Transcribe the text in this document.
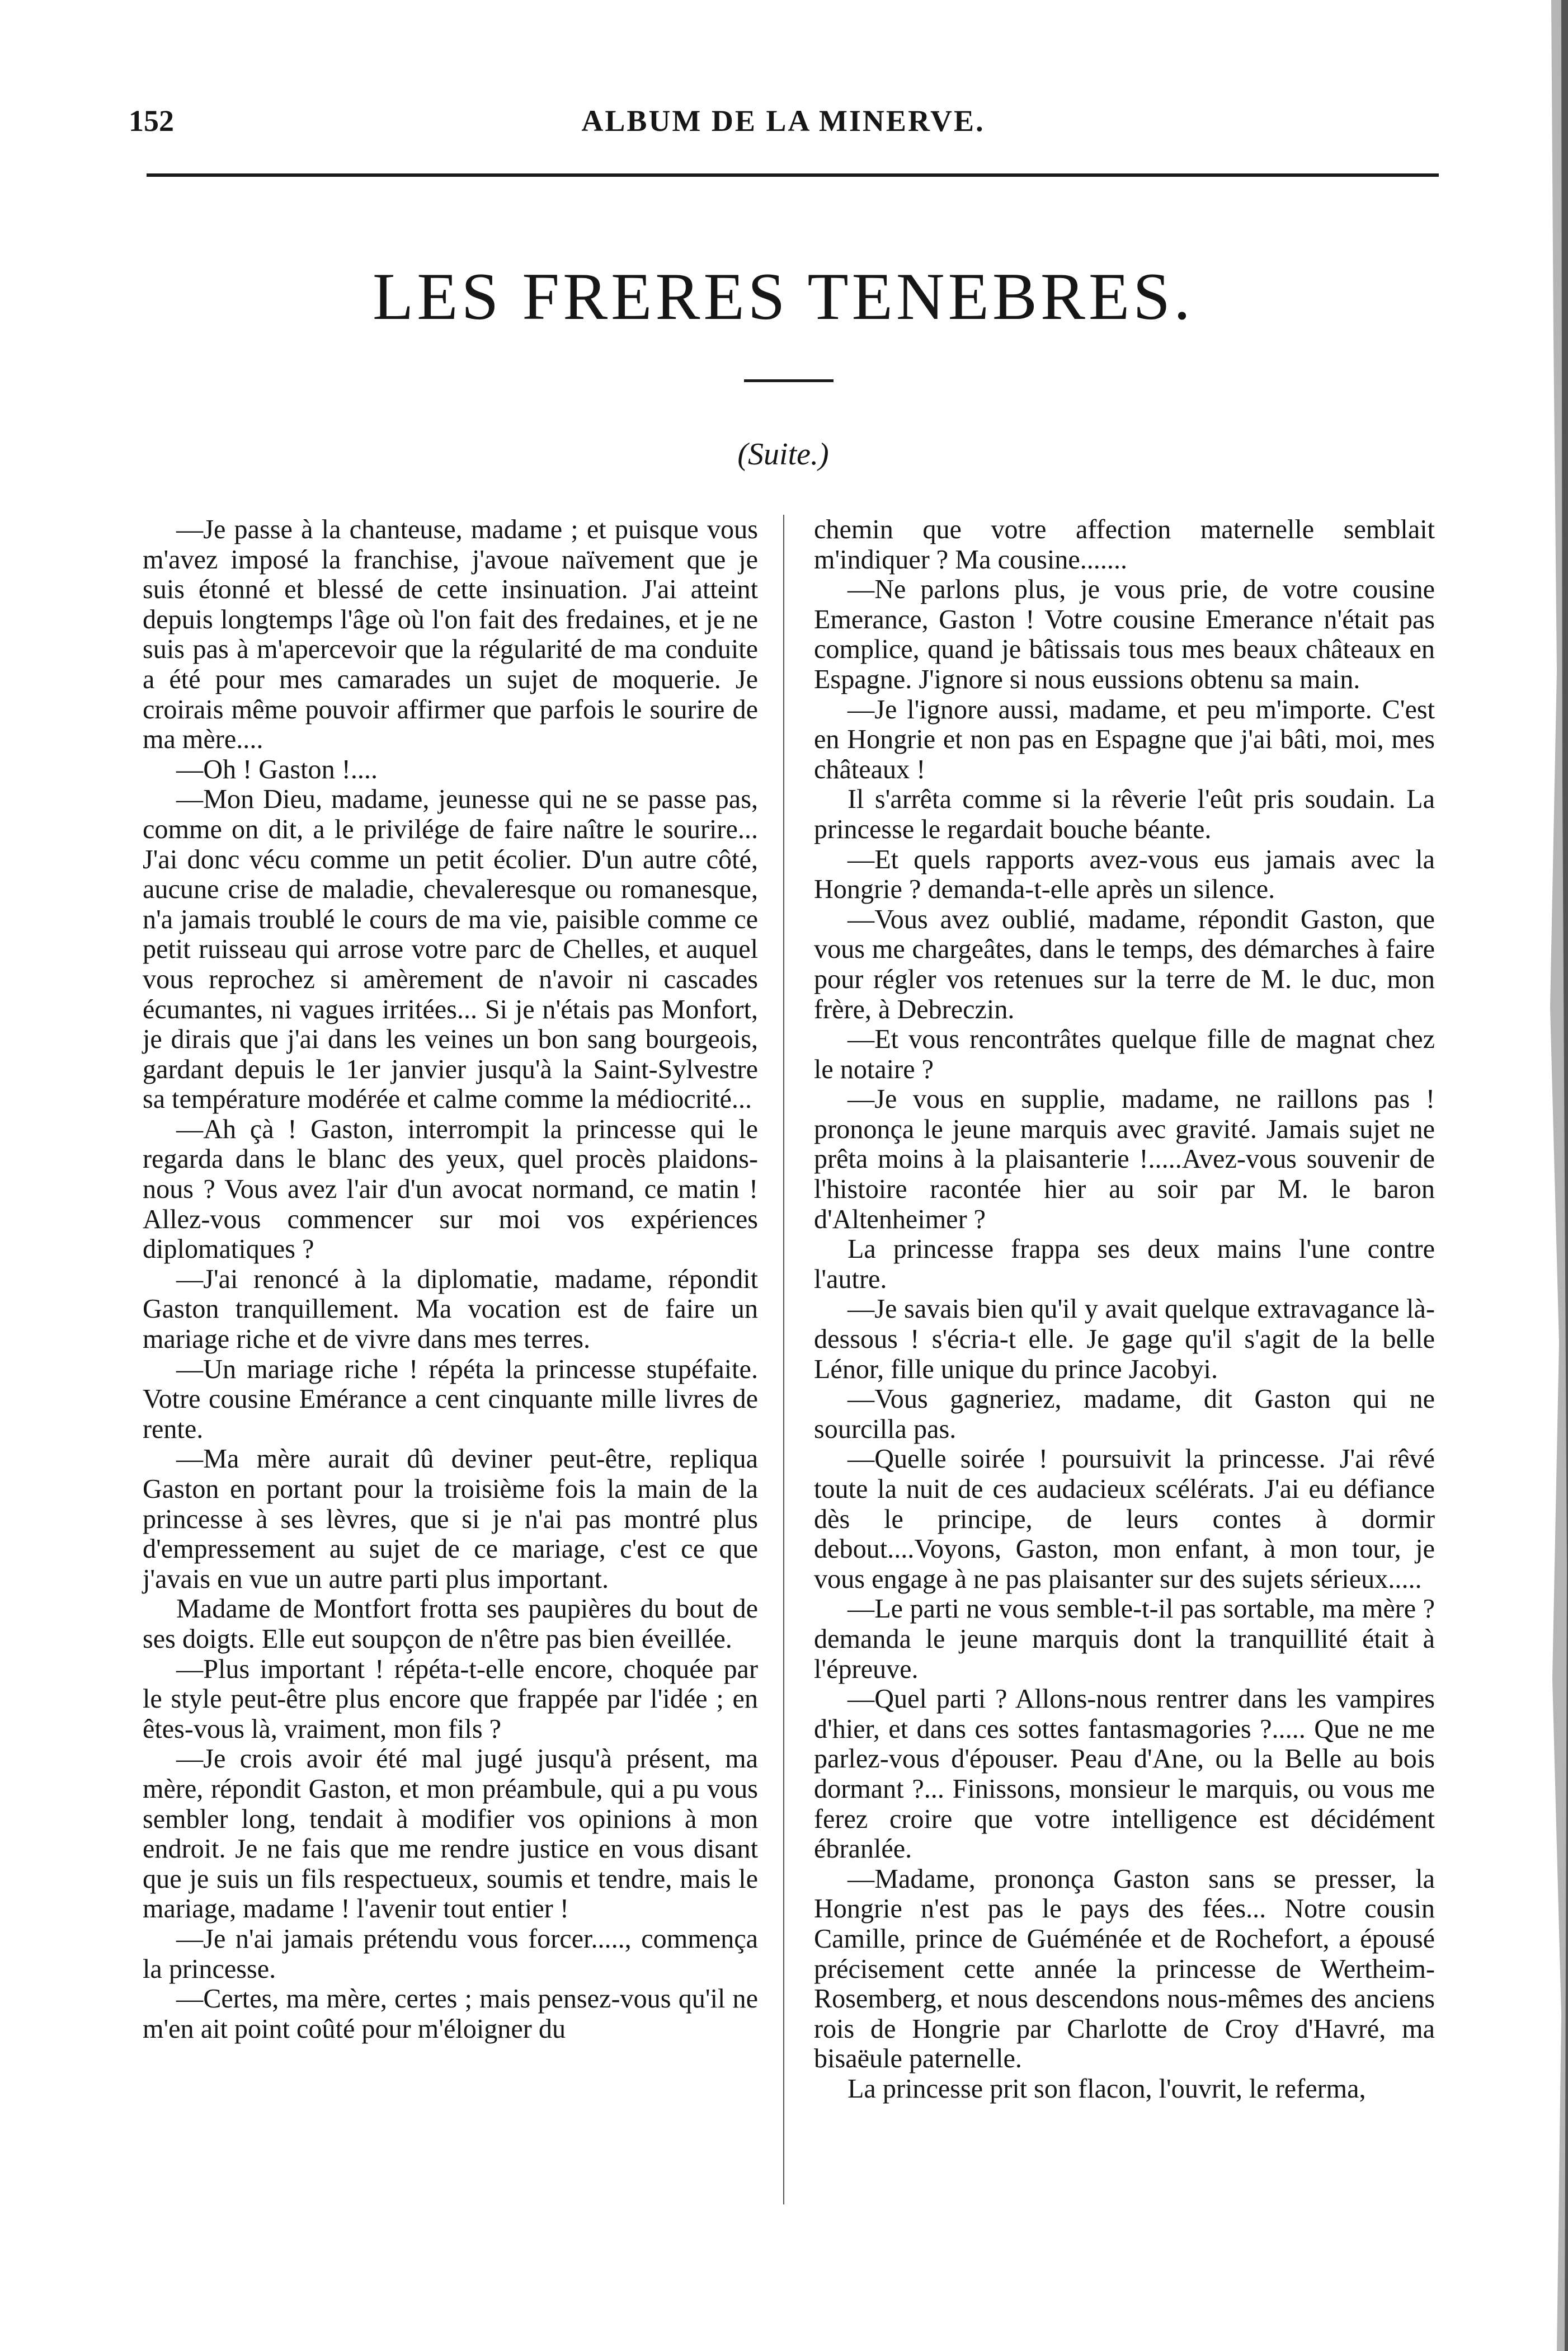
152	ALBUM DE LA MINERVE.
LES FRERES TENEBRES.
(Suite.)

—Je passe à la chanteuse, madame ; et puisque vous m'avez imposé la franchise, j'avoue naïvement que je suis étonné et blessé de cette insinuation. J'ai atteint depuis longtemps l'âge où l'on fait des fredaines, et je ne suis pas à m'apercevoir que la régularité de ma conduite a été pour mes camarades un sujet de moquerie. Je croirais même pouvoir affirmer que parfois le sourire de ma mère....

—Oh ! Gaston !....

—Mon Dieu, madame, jeunesse qui ne se passe pas, comme on dit, a le privilége de faire naître le sourire... J'ai donc vécu comme un petit écolier. D'un autre côté, aucune crise de maladie, chevaleresque ou romanesque, n'a jamais troublé le cours de ma vie, paisible comme ce petit ruisseau qui arrose votre parc de Chelles, et auquel vous reprochez si amèrement de n'avoir ni cascades écumantes, ni vagues irritées... Si je n'étais pas Monfort, je dirais que j'ai dans les veines un bon sang bourgeois, gardant depuis le 1er janvier jusqu'à la Saint-Sylvestre sa température modérée et calme comme la médiocrité...

—Ah çà ! Gaston, interrompit la princesse qui le regarda dans le blanc des yeux, quel procès plaidons-nous ? Vous avez l'air d'un avocat normand, ce matin ! Allez-vous commencer sur moi vos expériences diplomatiques ?

—J'ai renoncé à la diplomatie, madame, répondit Gaston tranquillement. Ma vocation est de faire un mariage riche et de vivre dans mes terres.

—Un mariage riche ! répéta la princesse stupéfaite. Votre cousine Emérance a cent cinquante mille livres de rente.

—Ma mère aurait dû deviner peut-être, repliqua Gaston en portant pour la troisième fois la main de la princesse à ses lèvres, que si je n'ai pas montré plus d'empressement au sujet de ce mariage, c'est ce que j'avais en vue un autre parti plus important.

Madame de Montfort frotta ses paupières du bout de ses doigts. Elle eut soupçon de n'être pas bien éveillée.

—Plus important ! répéta-t-elle encore, choquée par le style peut-être plus encore que frappée par l'idée ; en êtes-vous là, vraiment, mon fils ?

—Je crois avoir été mal jugé jusqu'à présent, ma mère, répondit Gaston, et mon préambule, qui a pu vous sembler long, tendait à modifier vos opinions à mon endroit. Je ne fais que me rendre justice en vous disant que je suis un fils respectueux, soumis et tendre, mais le mariage, madame ! l'avenir tout entier !

—Je n'ai jamais prétendu vous forcer....., commença la princesse.

—Certes, ma mère, certes ; mais pensez-vous qu'il ne m'en ait point coûté pour m'éloigner du

chemin que votre affection maternelle semblait m'indiquer ? Ma cousine.......

—Ne parlons plus, je vous prie, de votre cousine Emerance, Gaston ! Votre cousine Emerance n'était pas complice, quand je bâtissais tous mes beaux châteaux en Espagne. J'ignore si nous eussions obtenu sa main.

—Je l'ignore aussi, madame, et peu m'importe. C'est en Hongrie et non pas en Espagne que j'ai bâti, moi, mes châteaux !

Il s'arrêta comme si la rêverie l'eût pris soudain. La princesse le regardait bouche béante.

—Et quels rapports avez-vous eus jamais avec la Hongrie ? demanda-t-elle après un silence.

—Vous avez oublié, madame, répondit Gaston, que vous me chargeâtes, dans le temps, des démarches à faire pour régler vos retenues sur la terre de M. le duc, mon frère, à Debreczin.

—Et vous rencontrâtes quelque fille de magnat chez le notaire ?

—Je vous en supplie, madame, ne raillons pas ! prononça le jeune marquis avec gravité. Jamais sujet ne prêta moins à la plaisanterie !.....Avez-vous souvenir de l'histoire racontée hier au soir par M. le baron d'Altenheimer ?

La princesse frappa ses deux mains l'une contre l'autre.

—Je savais bien qu'il y avait quelque extravagance là-dessous ! s'écria-t elle. Je gage qu'il s'agit de la belle Lénor, fille unique du prince Jacobyi.

—Vous gagneriez, madame, dit Gaston qui ne sourcilla pas.

—Quelle soirée ! poursuivit la princesse. J'ai rêvé toute la nuit de ces audacieux scélérats. J'ai eu défiance dès le principe, de leurs contes à dormir debout....Voyons, Gaston, mon enfant, à mon tour, je vous engage à ne pas plaisanter sur des sujets sérieux.....

—Le parti ne vous semble-t-il pas sortable, ma mère ? demanda le jeune marquis dont la tranquillité était à l'épreuve.

—Quel parti ? Allons-nous rentrer dans les vampires d'hier, et dans ces sottes fantasmagories ?..... Que ne me parlez-vous d'épouser. Peau d'Ane, ou la Belle au bois dormant ?... Finissons, monsieur le marquis, ou vous me ferez croire que votre intelligence est décidément ébranlée.

—Madame, prononça Gaston sans se presser, la Hongrie n'est pas le pays des fées... Notre cousin Camille, prince de Guéménée et de Rochefort, a épousé précisement cette année la princesse de Wertheim-Rosemberg, et nous descendons nous-mêmes des anciens rois de Hongrie par Charlotte de Croy d'Havré, ma bisaëule paternelle.

La princesse prit son flacon, l'ouvrit, le referma,
